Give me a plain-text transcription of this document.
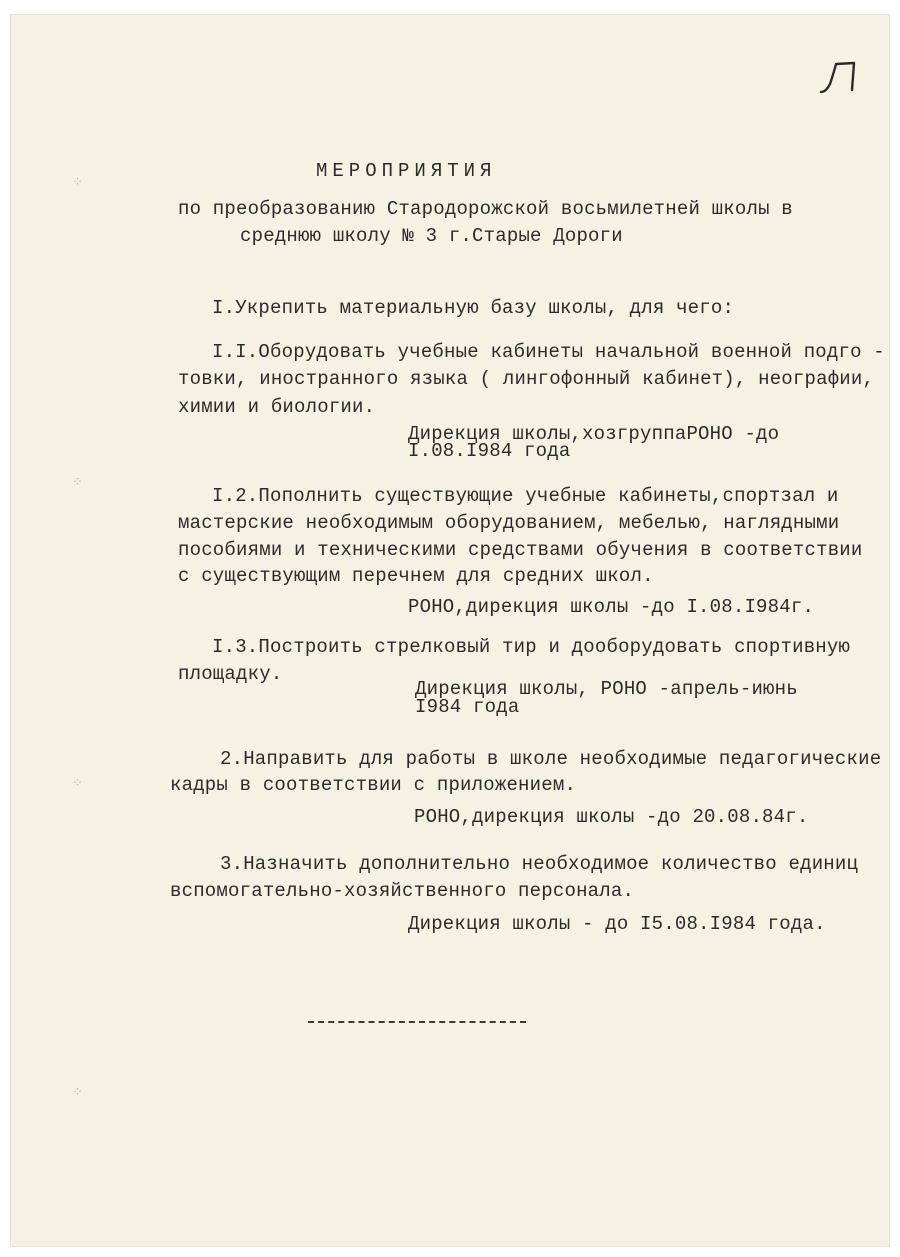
⁘
⁘
⁘
⁘
МЕРОПРИЯТИЯ
по преобразованию Стародорожской восьмилетней школы в
среднюю школу № 3 г.Старые Дороги
I.Укрепить материальную базу школы, для чего:
I.I.Оборудовать учебные кабинеты начальной военной подго -
товки, иностранного языка ( лингофонный кабинет), неографии,
химии и биологии.
Дирекция школы,хозгруппаРОНО -до
I.08.I984 года
I.2.Пополнить существующие учебные кабинеты,спортзал и
мастерские необходимым оборудованием, мебелью, наглядными
пособиями и техническими средствами обучения в соответствии
с существующим перечнем для средних школ.
РОНО,дирекция школы -до I.08.I984г.
I.3.Построить стрелковый тир и дооборудовать спортивную
площадку.
Дирекция школы, РОНО -апрель-июнь
I984 года
2.Направить для работы в школе необходимые педагогические
кадры в соответствии с приложением.
РОНО,дирекция школы -до 20.08.84г.
3.Назначить дополнительно необходимое количество единиц
вспомогательно-хозяйственного персонала.
Дирекция школы - до I5.08.I984 года.
